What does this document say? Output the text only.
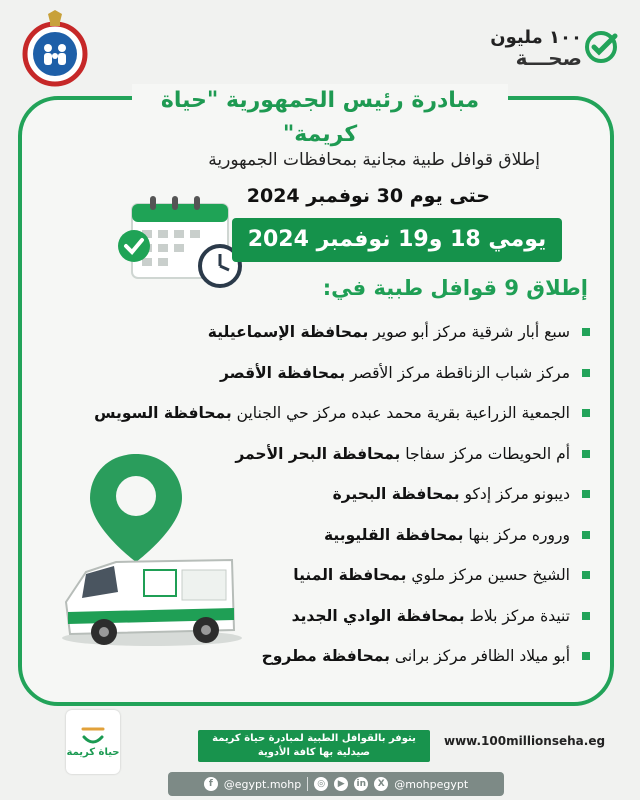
١٠٠ مليون
صحـــة
مبادرة رئيس الجمهورية "حياة كريمة"
إطلاق قوافل طبية مجانية بمحافظات الجمهورية
حتى يوم 30 نوفمبر 2024
يومي 18 و19 نوفمبر 2024
إطلاق 9 قوافل طبية في:
سبع أبار شرقية مركز أبو صوير بمحافظة الإسماعيلية
مركز شباب الزناقطة مركز الأقصر بمحافظة الأقصر
الجمعية الزراعية بقرية محمد عبده مركز حي الجناين بمحافظة السويس
أم الحويطات مركز سفاجا بمحافظة البحر الأحمر
ديبونو مركز إدكو بمحافظة البحيرة
وروره مركز بنها بمحافظة القليوبية
الشيخ حسين مركز ملوي بمحافظة المنيا
تنيدة مركز بلاط بمحافظة الوادي الجديد
أبو ميلاد الظافر مركز برانى بمحافظة مطروح
حياة كريمة
يتوفر بالقوافل الطبية لمبادرة حياة كريمة
صيدلية بها كافة الأدوية
www.100millionseha.eg
f	@egypt.mohp	◎	▶	in	X @mohpegypt
